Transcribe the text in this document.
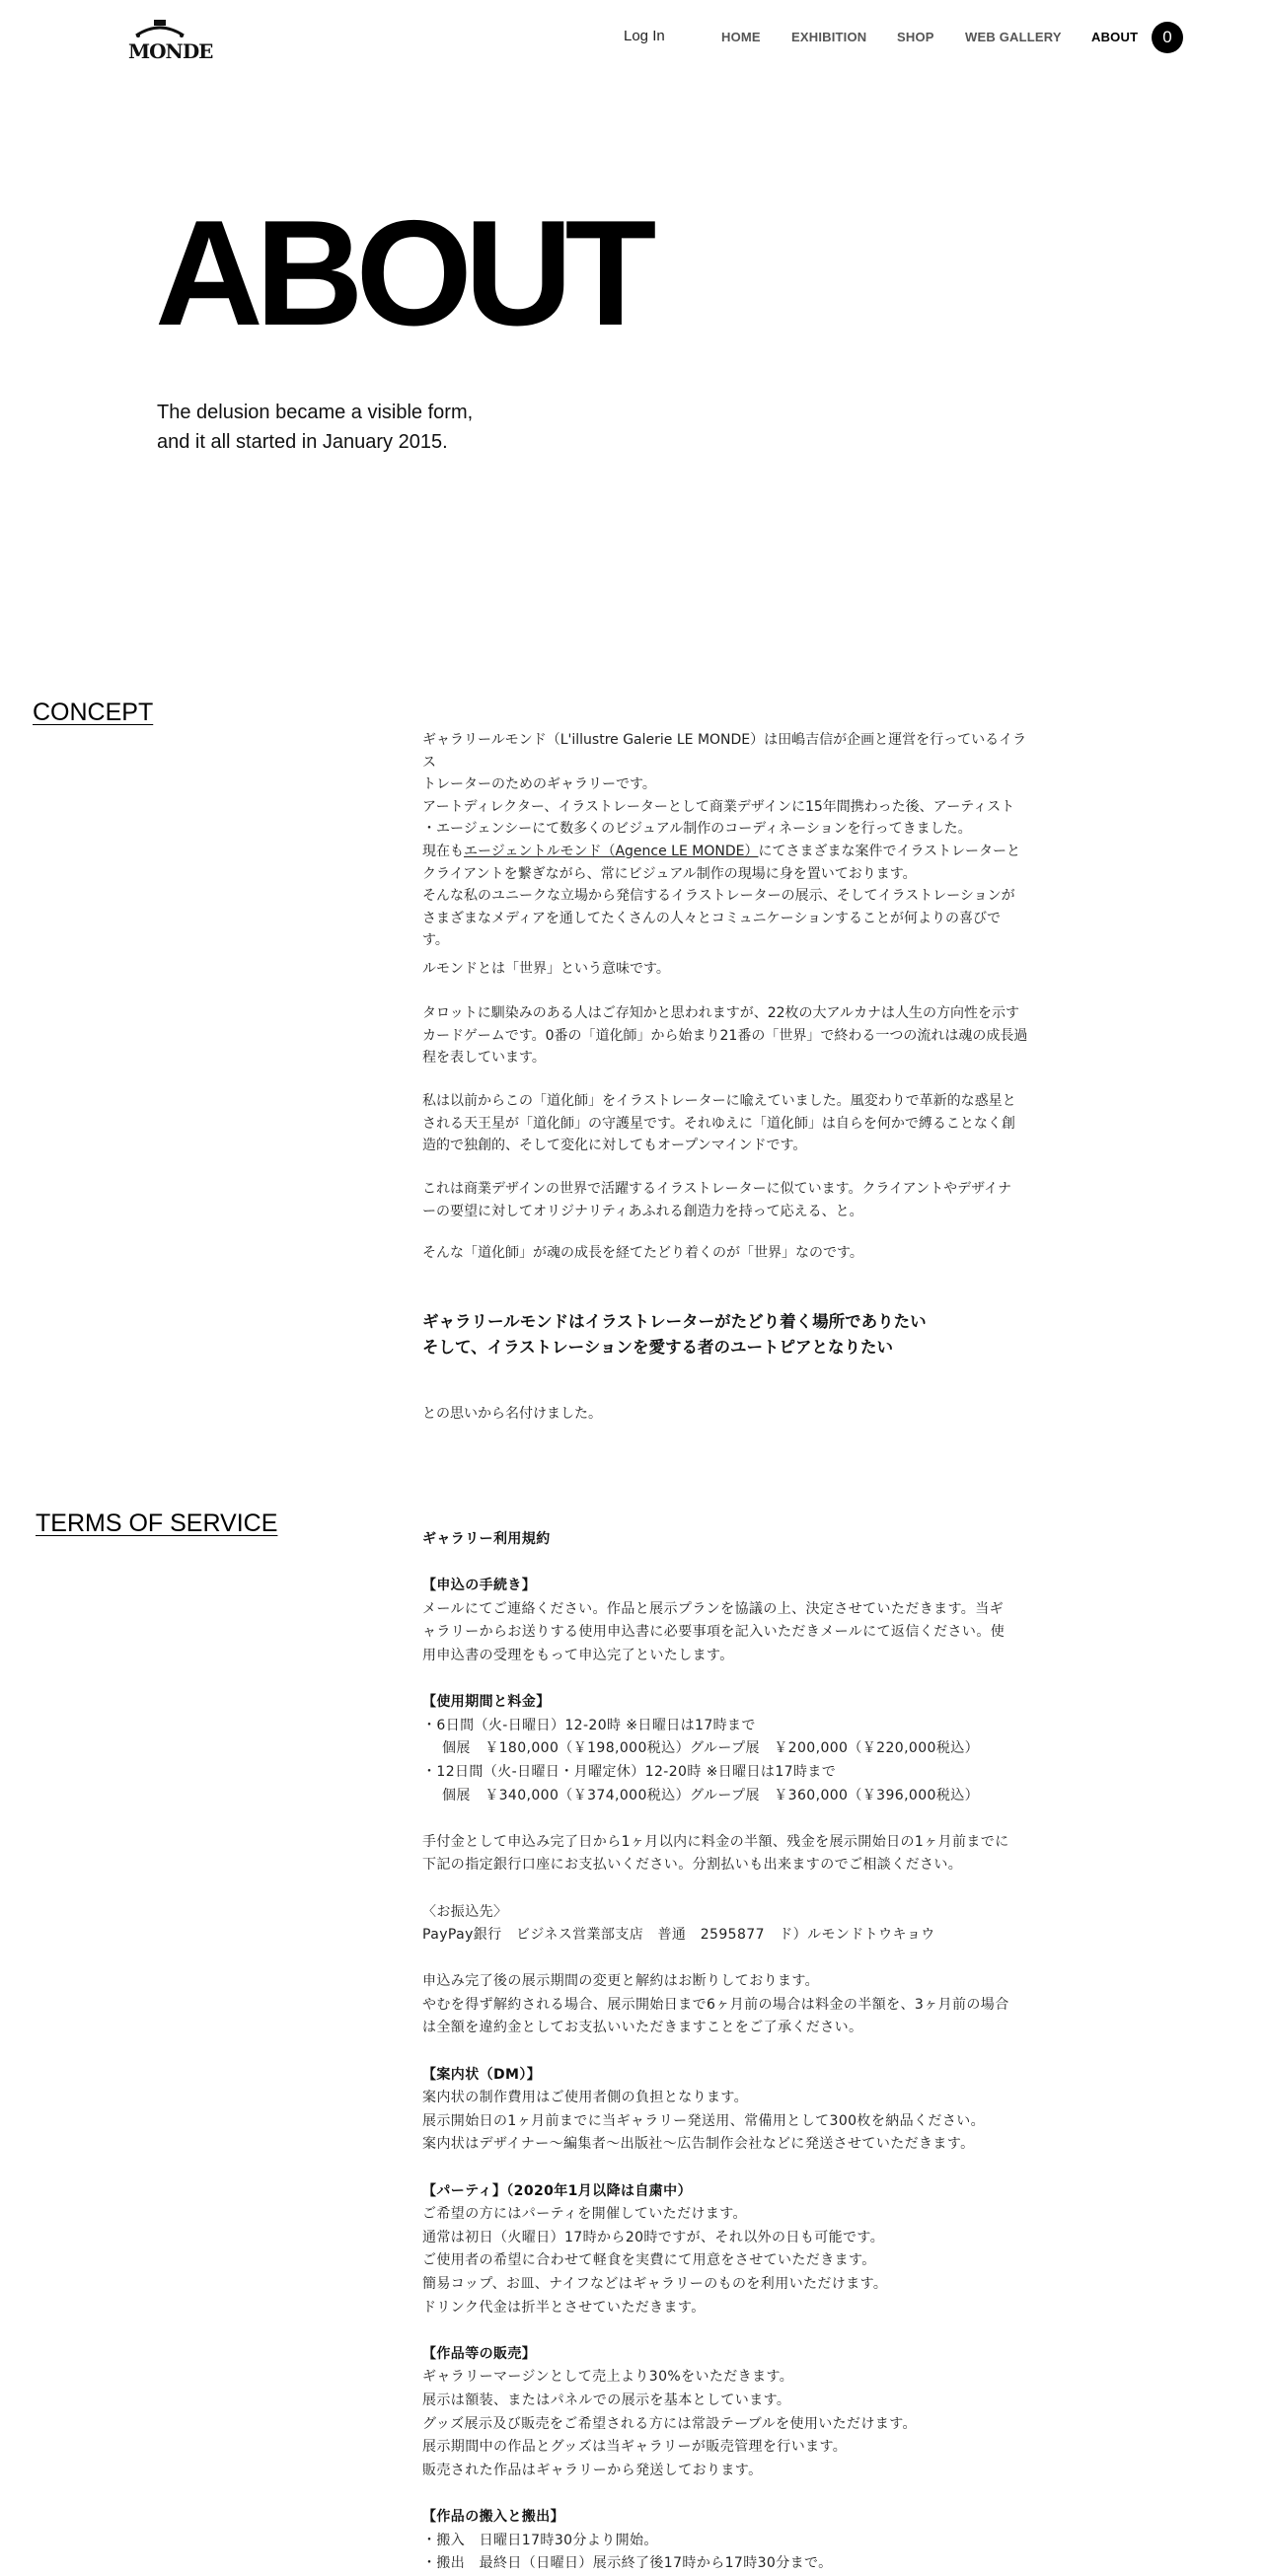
MONDE
Log In	HOME EXHIBITION SHOP WEB GALLERY ABOUT	0
ABOUT
The delusion became a visible form,
and it all started in January 2015.
CONCEPT

ギャラリールモンド（L'illustre Galerie LE MONDE）は田嶋吉信が企画と運営を行っているイラス

トレーターのためのギャラリーです。

アートディレクター、イラストレーターとして商業デザインに15年間携わった後、アーティスト

・エージェンシーにて数多くのビジュアル制作のコーディネーションを行ってきました。

現在もエージェントルモンド（Agence LE MONDE）にてさまざまな案件でイラストレーターと

クライアントを繋ぎながら、常にビジュアル制作の現場に身を置いております。

そんな私のユニークな立場から発信するイラストレーターの展示、そしてイラストレーションが

さまざまなメディアを通してたくさんの人々とコミュニケーションすることが何よりの喜びで

す。

ルモンドとは「世界」という意味です。

タロットに馴染みのある人はご存知かと思われますが、22枚の大アルカナは人生の方向性を示す

カードゲームです。0番の「道化師」から始まり21番の「世界」で終わる一つの流れは魂の成長過

程を表しています。

私は以前からこの「道化師」をイラストレーターに喩えていました。風変わりで革新的な惑星と

される天王星が「道化師」の守護星です。それゆえに「道化師」は自らを何かで縛ることなく創

造的で独創的、そして変化に対してもオープンマインドです。

これは商業デザインの世界で活躍するイラストレーターに似ています。クライアントやデザイナ

ーの要望に対してオリジナリティあふれる創造力を持って応える、と。

そんな「道化師」が魂の成長を経てたどり着くのが「世界」なのです。

ギャラリールモンドはイラストレーターがたどり着く場所でありたい

そして、イラストレーションを愛する者のユートピアとなりたい

との思いから名付けました。

TERMS OF SERVICE

ギャラリー利用規約

【申込の手続き】

メールにてご連絡ください。作品と展示プランを協議の上、決定させていただきます。当ギ

ャラリーからお送りする使用申込書に必要事項を記入いただきメールにて返信ください。使

用申込書の受理をもって申込完了といたします。

【使用期間と料金】

・6日間（火-日曜日）12-20時 ※日曜日は17時まで

個展　￥180,000（￥198,000税込）グループ展　￥200,000（￥220,000税込）

・12日間（火-日曜日・月曜定休）12-20時 ※日曜日は17時まで

個展　￥340,000（￥374,000税込）グループ展　￥360,000（￥396,000税込）

手付金として申込み完了日から1ヶ月以内に料金の半額、残金を展示開始日の1ヶ月前までに

下記の指定銀行口座にお支払いください。分割払いも出来ますのでご相談ください。

〈お振込先〉

PayPay銀行　ビジネス営業部支店　普通　2595877　ド）ルモンドトウキョウ

申込み完了後の展示期間の変更と解約はお断りしております。

やむを得ず解約される場合、展示開始日まで6ヶ月前の場合は料金の半額を、3ヶ月前の場合

は全額を違約金としてお支払いいただきますことをご了承ください。

【案内状（DM）】

案内状の制作費用はご使用者側の負担となります。

展示開始日の1ヶ月前までに当ギャラリー発送用、常備用として300枚を納品ください。

案内状はデザイナー〜編集者〜出版社〜広告制作会社などに発送させていただきます。

【パーティ】（2020年1月以降は自粛中）

ご希望の方にはパーティを開催していただけます。

通常は初日（火曜日）17時から20時ですが、それ以外の日も可能です。

ご使用者の希望に合わせて軽食を実費にて用意をさせていただきます。

簡易コップ、お皿、ナイフなどはギャラリーのものを利用いただけます。

ドリンク代金は折半とさせていただきます。

【作品等の販売】

ギャラリーマージンとして売上より30%をいただきます。

展示は額装、またはパネルでの展示を基本としています。

グッズ展示及び販売をご希望される方には常設テーブルを使用いただけます。

展示期間中の作品とグッズは当ギャラリーが販売管理を行います。

販売された作品はギャラリーから発送しております。

【作品の搬入と搬出】

・搬入　日曜日17時30分より開始。

・搬出　最終日（日曜日）展示終了後17時から17時30分まで。
